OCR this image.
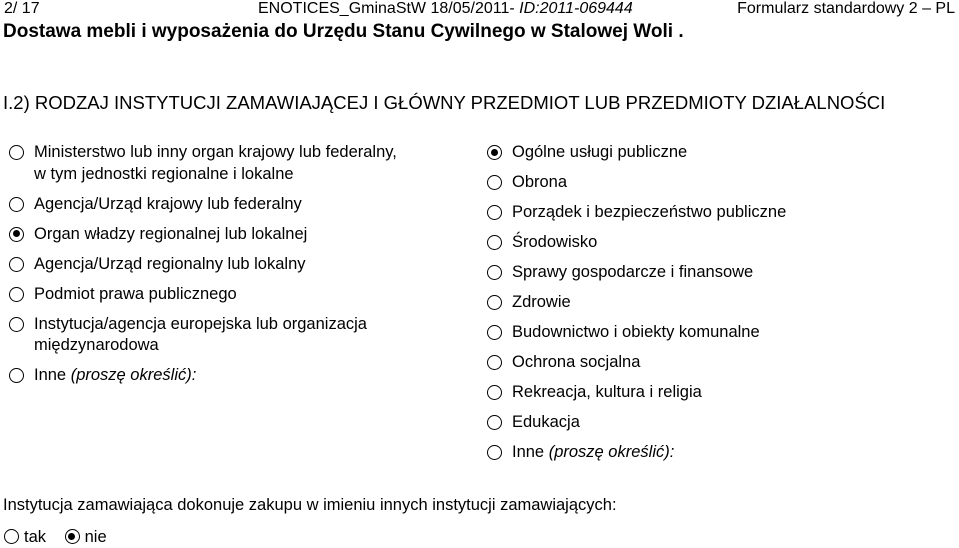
2/ 17	ENOTICES_GminaStW 18/05/2011- ID:2011-069444	Formularz standardowy 2 – PL
Dostawa mebli i wyposażenia do Urzędu Stanu Cywilnego w Stalowej Woli .
I.2) RODZAJ INSTYTUCJI ZAMAWIAJĄCEJ I GŁÓWNY PRZEDMIOT LUB PRZEDMIOTY DZIAŁALNOŚCI
Ministerstwo lub inny organ krajowy lub federalny,
w tym jednostki regionalne i lokalne
Agencja/Urząd krajowy lub federalny
Organ władzy regionalnej lub lokalnej
Agencja/Urząd regionalny lub lokalny
Podmiot prawa publicznego
Instytucja/agencja europejska lub organizacja
międzynarodowa
Inne (proszę określić):
Ogólne usługi publiczne
Obrona
Porządek i bezpieczeństwo publiczne
Środowisko
Sprawy gospodarcze i finansowe
Zdrowie
Budownictwo i obiekty komunalne
Ochrona socjalna
Rekreacja, kultura i religia
Edukacja
Inne (proszę określić):
Instytucja zamawiająca dokonuje zakupu w imieniu innych instytucji zamawiających:
tak nie
